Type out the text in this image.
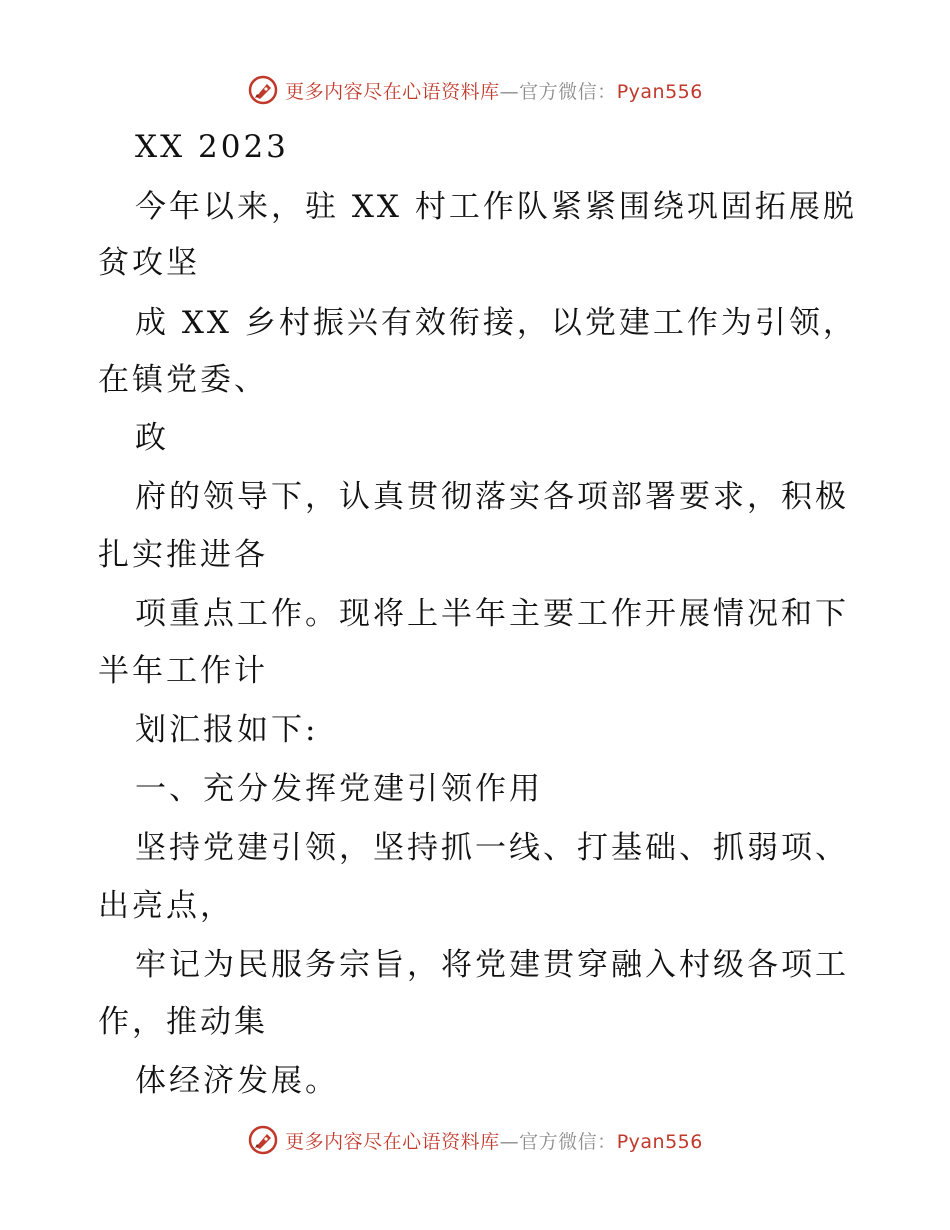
更多内容尽在心语资料库—官方微信：Pyan556
XX 2023
今年以来，驻 XX 村工作队紧紧围绕巩固拓展脱
贫攻坚
成 XX 乡村振兴有效衔接，以党建工作为引领，
在镇党委、
政
府的领导下，认真贯彻落实各项部署要求，积极
扎实推进各
项重点工作。现将上半年主要工作开展情况和下
半年工作计
划汇报如下:
一、充分发挥党建引领作用
坚持党建引领，坚持抓一线、打基础、抓弱项、
出亮点，
牢记为民服务宗旨，将党建贯穿融入村级各项工
作，推动集
体经济发展。
更多内容尽在心语资料库—官方微信：Pyan556
